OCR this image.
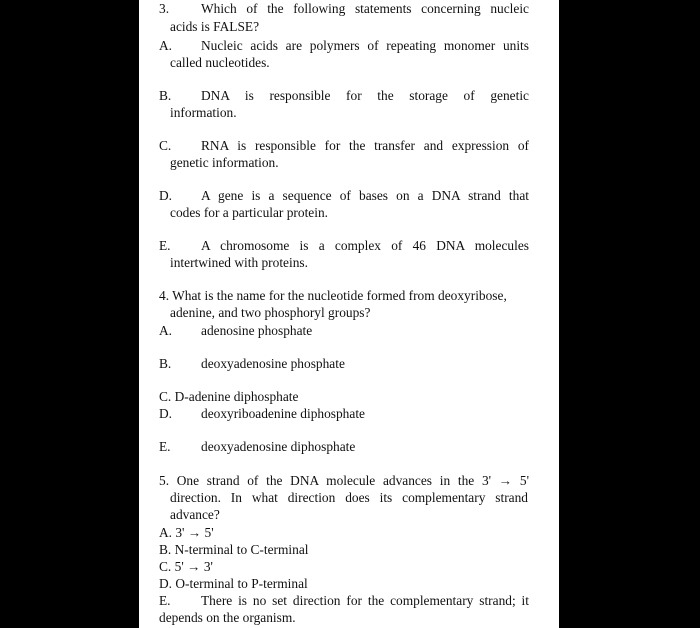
3. Which of the following statements concerning nucleic
acids is FALSE?
A. Nucleic acids are polymers of repeating monomer units
called nucleotides.
B. DNA is responsible for the storage of genetic
information.
C. RNA is responsible for the transfer and expression of
genetic information.
D. A gene is a sequence of bases on a DNA strand that
codes for a particular protein.
E. A chromosome is a complex of 46 DNA molecules
intertwined with proteins.
4. What is the name for the nucleotide formed from deoxyribose,
adenine, and two phosphoryl groups?
A. adenosine phosphate
B. deoxyadenosine phosphate
C. D-adenine diphosphate
D. deoxyriboadenine diphosphate
E. deoxyadenosine diphosphate
5. One strand of the DNA molecule advances in the 3' → 5'
direction. In what direction does its complementary strand
advance?
A. 3' → 5'
B. N-terminal to C-terminal
C. 5' → 3'
D. O-terminal to P-terminal
E. There is no set direction for the complementary strand; it
depends on the organism.
